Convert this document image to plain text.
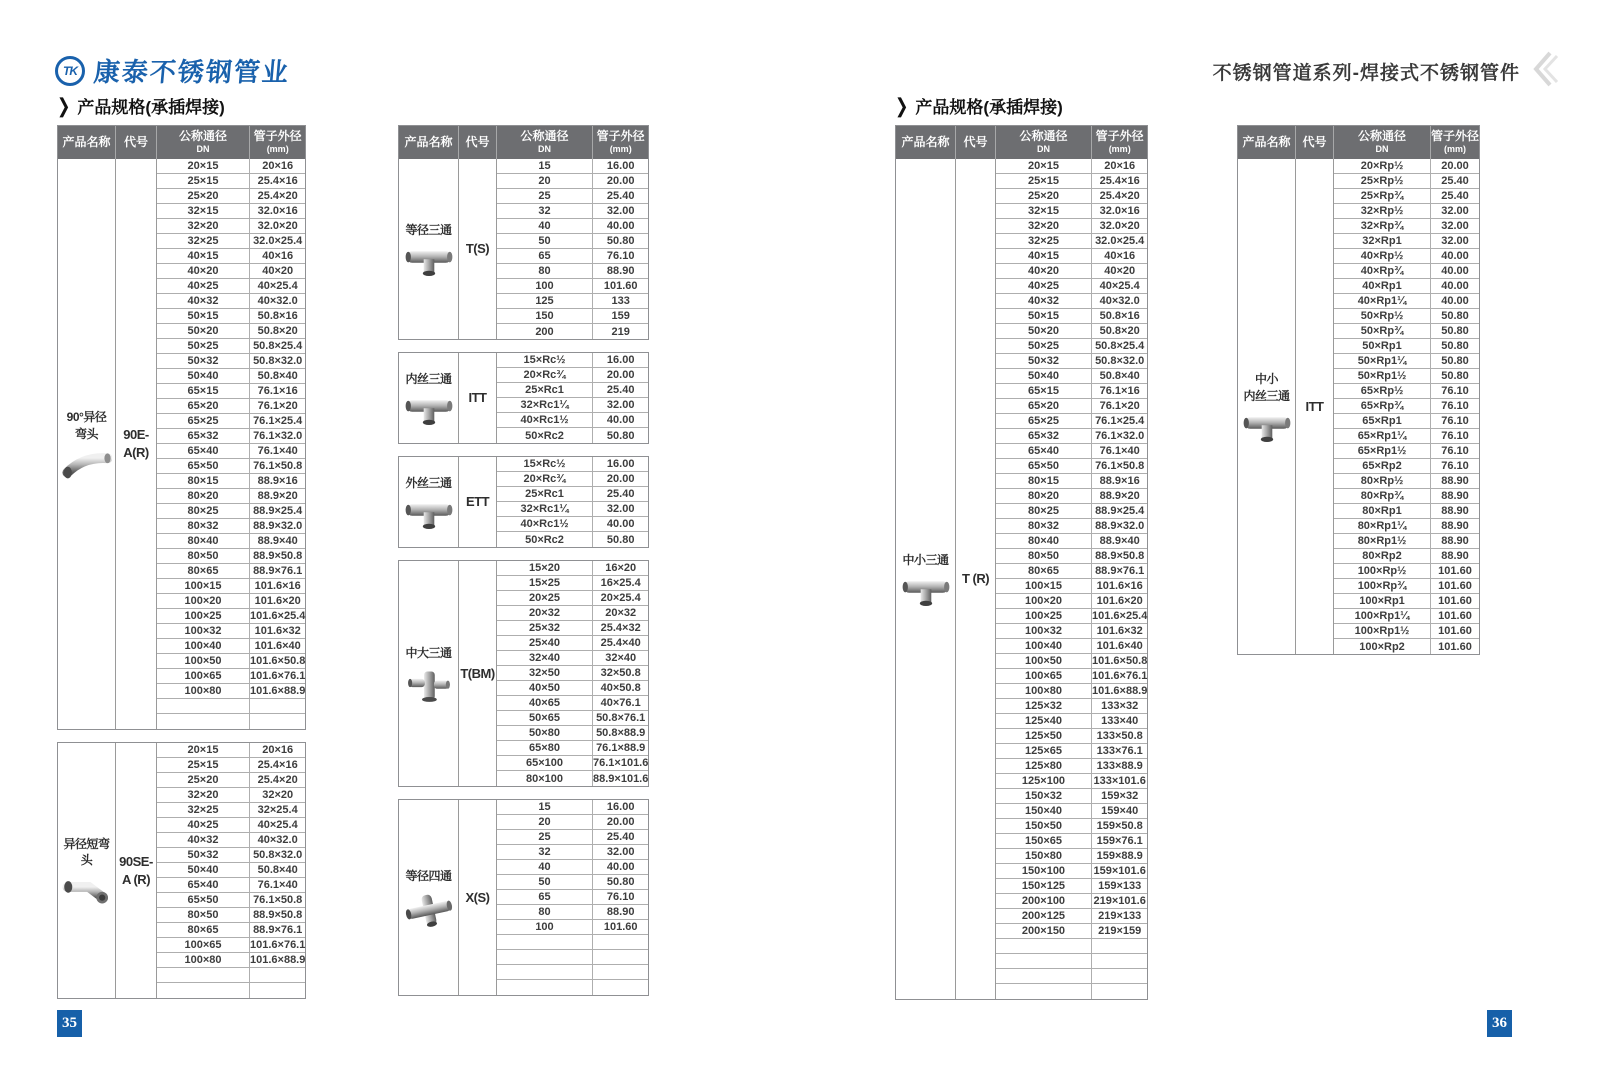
TK 康泰不锈钢管业	不锈钢管道系列-焊接式不锈钢管件
❯ 产品规格(承插焊接)	❯ 产品规格(承插焊接)
产品名称	代号	公称通径
DN
管子外径
(mm)
90°异径
弯头	90E-
A(R)
20×15	20×16
25×15	25.4×16
25×20	25.4×20
32×15	32.0×16
32×20	32.0×20
32×25	32.0×25.4
40×15	40×16
40×20	40×20
40×25	40×25.4
40×32	40×32.0
50×15	50.8×16
50×20	50.8×20
50×25	50.8×25.4
50×32	50.8×32.0
50×40	50.8×40
65×15	76.1×16
65×20	76.1×20
65×25	76.1×25.4
65×32	76.1×32.0
65×40	76.1×40
65×50	76.1×50.8
80×15	88.9×16
80×20	88.9×20
80×25	88.9×25.4
80×32	88.9×32.0
80×40	88.9×40
80×50	88.9×50.8
80×65	88.9×76.1
100×15	101.6×16
100×20	101.6×20
100×25	101.6×25.4
100×32	101.6×32
100×40	101.6×40
100×50	101.6×50.8
100×65	101.6×76.1
100×80	101.6×88.9
异径短弯头	90SE-
A (R)
20×15	20×16
25×15	25.4×16
25×20	25.4×20
32×20	32×20
32×25	32×25.4
40×25	40×25.4
40×32	40×32.0
50×32	50.8×32.0
50×40	50.8×40
65×40	76.1×40
65×50	76.1×50.8
80×50	88.9×50.8
80×65	88.9×76.1
100×65	101.6×76.1
100×80	101.6×88.9
产品名称	代号	公称通径
DN
管子外径
(mm)
等径三通
T(S)
15	16.00
20	20.00
25	25.40
32	32.00
40	40.00
50	50.80
65	76.10
80	88.90
100	101.60
125	133
150	159
200	219
内丝三通
ITT
15×Rc½	16.00
20×Rc¾	20.00
25×Rc1	25.40
32×Rc1¼	32.00
40×Rc1½	40.00
50×Rc2	50.80
外丝三通
ETT
15×Rc½	16.00
20×Rc¾	20.00
25×Rc1	25.40
32×Rc1¼	32.00
40×Rc1½	40.00
50×Rc2	50.80
中大三通
T(BM)
15×20	16×20
15×25	16×25.4
20×25	20×25.4
20×32	20×32
25×32	25.4×32
25×40	25.4×40
32×40	32×40
32×50	32×50.8
40×50	40×50.8
40×65	40×76.1
50×65	50.8×76.1
50×80	50.8×88.9
65×80	76.1×88.9
65×100	76.1×101.6
80×100	88.9×101.6
等径四通
X(S)
15	16.00
20	20.00
25	25.40
32	32.00
40	40.00
50	50.80
65	76.10
80	88.90
100	101.60
产品名称	代号	公称通径
DN
管子外径
(mm)
中小三通
T (R)
20×15	20×16
25×15	25.4×16
25×20	25.4×20
32×15	32.0×16
32×20	32.0×20
32×25	32.0×25.4
40×15	40×16
40×20	40×20
40×25	40×25.4
40×32	40×32.0
50×15	50.8×16
50×20	50.8×20
50×25	50.8×25.4
50×32	50.8×32.0
50×40	50.8×40
65×15	76.1×16
65×20	76.1×20
65×25	76.1×25.4
65×32	76.1×32.0
65×40	76.1×40
65×50	76.1×50.8
80×15	88.9×16
80×20	88.9×20
80×25	88.9×25.4
80×32	88.9×32.0
80×40	88.9×40
80×50	88.9×50.8
80×65	88.9×76.1
100×15	101.6×16
100×20	101.6×20
100×25	101.6×25.4
100×32	101.6×32
100×40	101.6×40
100×50	101.6×50.8
100×65	101.6×76.1
100×80	101.6×88.9
125×32	133×32
125×40	133×40
125×50	133×50.8
125×65	133×76.1
125×80	133×88.9
125×100	133×101.6
150×32	159×32
150×40	159×40
150×50	159×50.8
150×65	159×76.1
150×80	159×88.9
150×100	159×101.6
150×125	159×133
200×100	219×101.6
200×125	219×133
200×150	219×159
产品名称 代号	公称通径
DN
管子外径
(mm)
中小
内丝三通
ITT
20×Rp½	20.00
25×Rp½	25.40
25×Rp¾	25.40
32×Rp½	32.00
32×Rp¾	32.00
32×Rp1	32.00
40×Rp½	40.00
40×Rp¾	40.00
40×Rp1	40.00
40×Rp1¼	40.00
50×Rp½	50.80
50×Rp¾	50.80
50×Rp1	50.80
50×Rp1¼	50.80
50×Rp1½	50.80
65×Rp½	76.10
65×Rp¾	76.10
65×Rp1	76.10
65×Rp1¼	76.10
65×Rp1½	76.10
65×Rp2	76.10
80×Rp½	88.90
80×Rp¾	88.90
80×Rp1	88.90
80×Rp1¼	88.90
80×Rp1½	88.90
80×Rp2	88.90
100×Rp½	101.60
100×Rp¾	101.60
100×Rp1	101.60
100×Rp1¼	101.60
100×Rp1½	101.60
100×Rp2	101.60
35	36
